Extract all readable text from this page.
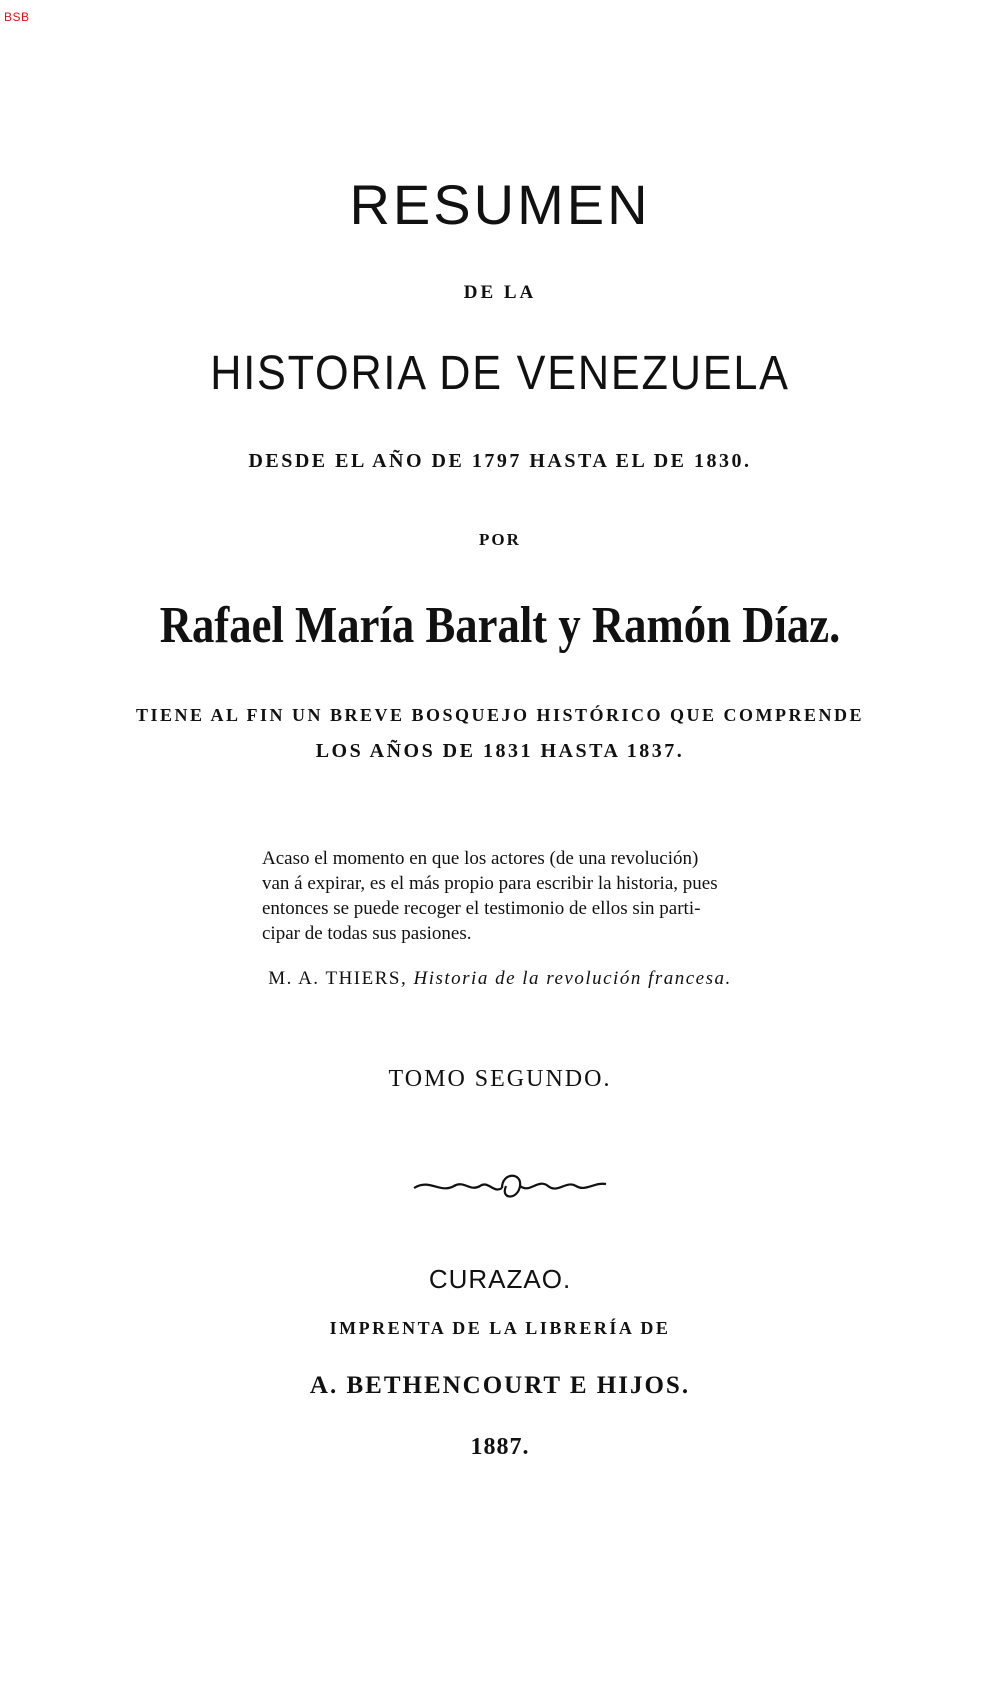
BSB
RESUMEN
DE LA
HISTORIA DE VENEZUELA
DESDE EL AÑO DE 1797 HASTA EL DE 1830.
POR
Rafael María Baralt y Ramón Díaz.
TIENE AL FIN UN BREVE BOSQUEJO HISTÓRICO QUE COMPRENDE
LOS AÑOS DE 1831 HASTA 1837.
Acaso el momento en que los actores (de una revolución)
van á expirar, es el más propio para escribir la historia, pues
entonces se puede recoger el testimonio de ellos sin parti-
cipar de todas sus pasiones.
M. A. THIERS, Historia de la revolución francesa.
TOMO SEGUNDO.
CURAZAO.
IMPRENTA DE LA LIBRERÍA DE
A. BETHENCOURT E HIJOS.
1887.
